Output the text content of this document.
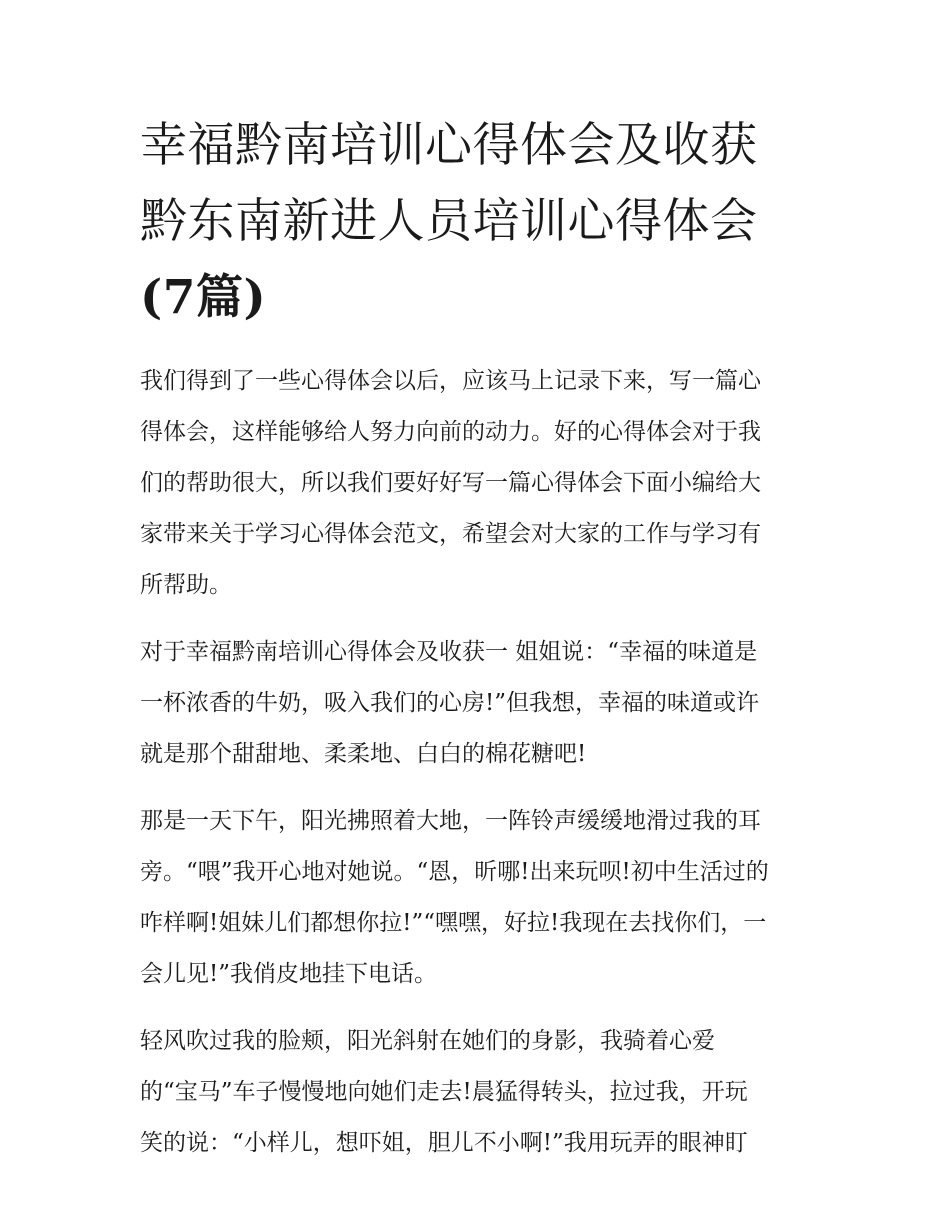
幸福黔南培训心得体会及收获
黔东南新进人员培训心得体会
(7篇)

我们得到了一些心得体会以后，应该马上记录下来，写一篇心
得体会，这样能够给人努力向前的动力。好的心得体会对于我
们的帮助很大，所以我们要好好写一篇心得体会下面小编给大
家带来关于学习心得体会范文，希望会对大家的工作与学习有
所帮助。

对于幸福黔南培训心得体会及收获一 姐姐说：“幸福的味道是
一杯浓香的牛奶，吸入我们的心房!”但我想，幸福的味道或许
就是那个甜甜地、柔柔地、白白的棉花糖吧!

那是一天下午，阳光拂照着大地，一阵铃声缓缓地滑过我的耳
旁。“喂”我开心地对她说。“恩，昕哪!出来玩呗!初中生活过的
咋样啊!姐妹儿们都想你拉!”“嘿嘿，好拉!我现在去找你们，一
会儿见!”我俏皮地挂下电话。

轻风吹过我的脸颊，阳光斜射在她们的身影，我骑着心爱
的“宝马”车子慢慢地向她们走去!晨猛得转头，拉过我，开玩
笑的说：“小样儿，想吓姐，胆儿不小啊!”我用玩弄的眼神盯
